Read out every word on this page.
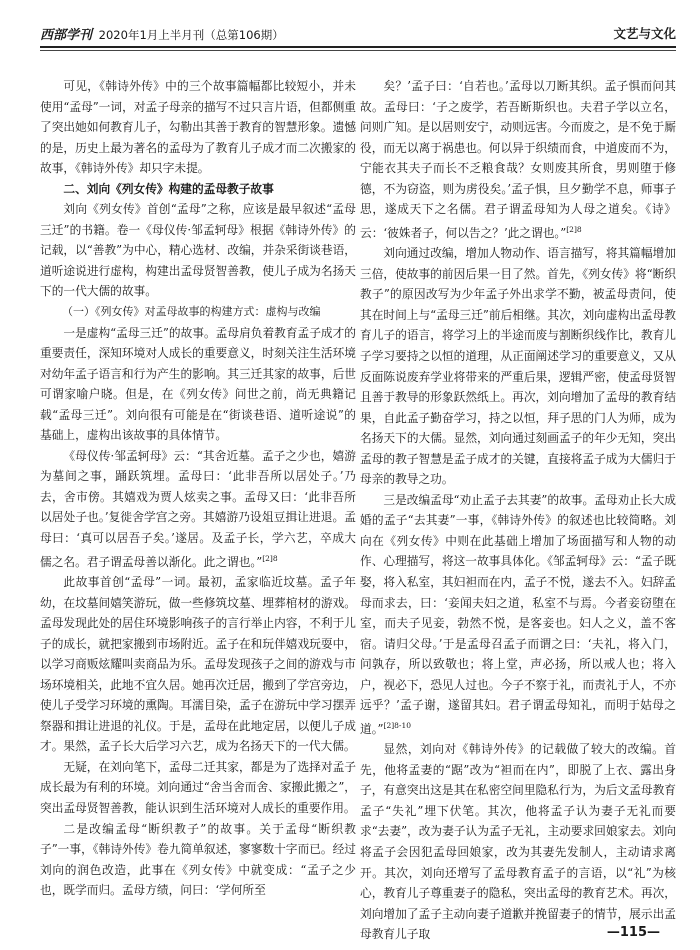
西部学刊 2020年1月上半月刊（总第106期）	文艺与文化

可见，《韩诗外传》中的三个故事篇幅都比较短小，并未使用“孟母”一词，对孟子母亲的描写不过只言片语，但都侧重了突出她如何教育儿子，勾勒出其善于教育的智慧形象。遗憾的是，历史上最为著名的孟母为了教育儿子成才而二次搬家的故事，《韩诗外传》却只字未提。

二、刘向《列女传》构建的孟母教子故事

刘向《列女传》首创“孟母”之称，应该是最早叙述“孟母三迁”的书籍。卷一《母仪传·邹孟轲母》根据《韩诗外传》的记载，以“善教”为中心，精心选材、改编，并杂采街谈巷语，道听途说进行虚构，构建出孟母贤智善教，使儿子成为名扬天下的一代大儒的故事。

（一）《列女传》对孟母故事的构建方式：虚构与改编

一是虚构“孟母三迁”的故事。孟母肩负着教育孟子成才的重要责任，深知环境对人成长的重要意义，时刻关注生活环境对幼年孟子语言和行为产生的影响。其三迁其家的故事，后世可谓家喻户晓。但是，在《列女传》问世之前，尚无典籍记载“孟母三迁”。刘向很有可能是在“街谈巷语、道听途说”的基础上，虚构出该故事的具体情节。

《母仪传·邹孟轲母》云：“其舍近墓。孟子之少也，嬉游为墓间之事，踊跃筑埋。孟母曰：‘此非吾所以居处子。’乃去，舍市傍。其嬉戏为贾人炫卖之事。孟母又曰：‘此非吾所以居处子也。’复徙舍学宫之旁。其嬉游乃设俎豆揖让进退。孟母曰：‘真可以居吾子矣。’遂居。及孟子长，学六艺，卒成大儒之名。君子谓孟母善以渐化。此之谓也。”$^{[2]8}$

此故事首创“孟母”一词。最初，孟家临近坟墓。孟子年幼，在坟墓间嬉笑游玩，做一些修筑坟墓、埋葬棺材的游戏。孟母发现此处的居住环境影响孩子的言行举止内容，不利于儿子的成长，就把家搬到市场附近。孟子在和玩伴嬉戏玩耍中，以学习商贩炫耀叫卖商品为乐。孟母发现孩子之间的游戏与市场环境相关，此地不宜久居。她再次迁居，搬到了学宫旁边，使儿子受学习环境的熏陶。耳濡目染，孟子在游玩中学习摆弄祭器和揖让进退的礼仪。于是，孟母在此地定居，以便儿子成才。果然，孟子长大后学习六艺，成为名扬天下的一代大儒。

无疑，在刘向笔下，孟母二迁其家，都是为了选择对孟子成长最为有利的环境。刘向通过“舍当舍而舍、家搬此搬之”，突出孟母贤智善教，能认识到生活环境对人成长的重要作用。

二是改编孟母“断织教子”的故事。关于孟母“断织教子”一事，《韩诗外传》卷九简单叙述，寥寥数十字而已。经过刘向的润色改造，此事在《列女传》中就变成：“孟子之少也，既学而归。孟母方绩，问曰：‘学何所至

矣？’孟子曰：‘自若也。’孟母以刀断其织。孟子惧而问其故。孟母曰：‘子之废学，若吾断斯织也。夫君子学以立名，问则广知。是以居则安宁，动则远害。今而废之，是不免于厮役，而无以离于祸患也。何以异于织绩而食，中道废而不为，宁能衣其夫子而长不乏粮食哉？女则废其所食，男则堕于修德，不为窃盗，则为虏役矣。’孟子惧，旦夕勤学不息，师事子思，遂成天下之名儒。君子谓孟母知为人母之道矣。《诗》云：‘彼姝者子，何以告之？’此之谓也。”$^{[2]8}$

刘向通过改编，增加人物动作、语言描写，将其篇幅增加三倍，使故事的前因后果一目了然。首先，《列女传》将“断织教子”的原因改写为少年孟子外出求学不勤，被孟母责问，使其在时间上与“孟母三迁”前后相继。其次，刘向虚构出孟母教育儿子的语言，将学习上的半途而废与割断织线作比，教育儿子学习要持之以恒的道理，从正面阐述学习的重要意义，又从反面陈说废弃学业将带来的严重后果，逻辑严密，使孟母贤智且善于教导的形象跃然纸上。再次，刘向增加了孟母的教育结果，自此孟子勤奋学习，持之以恒，拜子思的门人为师，成为名扬天下的大儒。显然，刘向通过刻画孟子的年少无知，突出孟母的教子智慧是孟子成才的关键，直接将孟子成为大儒归于母亲的教导之功。

三是改编孟母“劝止孟子去其妻”的故事。孟母劝止长大成婚的孟子“去其妻”一事，《韩诗外传》的叙述也比较简略。刘向在《列女传》中则在此基础上增加了场面描写和人物的动作、心理描写，将这一故事具体化。《邹孟轲母》云：“孟子既娶，将入私室，其妇袒而在内，孟子不悦，遂去不入。妇辞孟母而求去，曰：‘妾闻夫妇之道，私室不与焉。今者妾窃堕在室，而夫子见妾，勃然不悦，是客妾也。妇人之义，盖不客宿。请归父母。’于是孟母召孟子而谓之曰：‘夫礼，将入门，问孰存，所以致敬也；将上堂，声必扬，所以戒人也；将入户，视必下，恐见人过也。今子不察于礼，而责礼于人，不亦远乎？’孟子谢，遂留其妇。君子谓孟母知礼，而明于姑母之道。”$^{[2]8-10}$

显然，刘向对《韩诗外传》的记载做了较大的改编。首先，他将孟妻的“踞”改为“袒而在内”，即脱了上衣、露出身子，有意突出这是其在私密空间里隐私行为，为后文孟母教育孟子“失礼”埋下伏笔。其次，他将孟子认为妻子无礼而要求“去妻”，改为妻子认为孟子无礼，主动要求回娘家去。刘向将孟子会因犯孟母回娘家，改为其妻先发制人，主动请求离开。其次，刘向还增写了孟母教育孟子的言语，以“礼”为核心，教育儿子尊重妻子的隐私，突出孟母的教育艺术。再次，刘向增加了孟子主动向妻子道歉并挽留妻子的情节，展示出孟母教育儿子取	—115—
